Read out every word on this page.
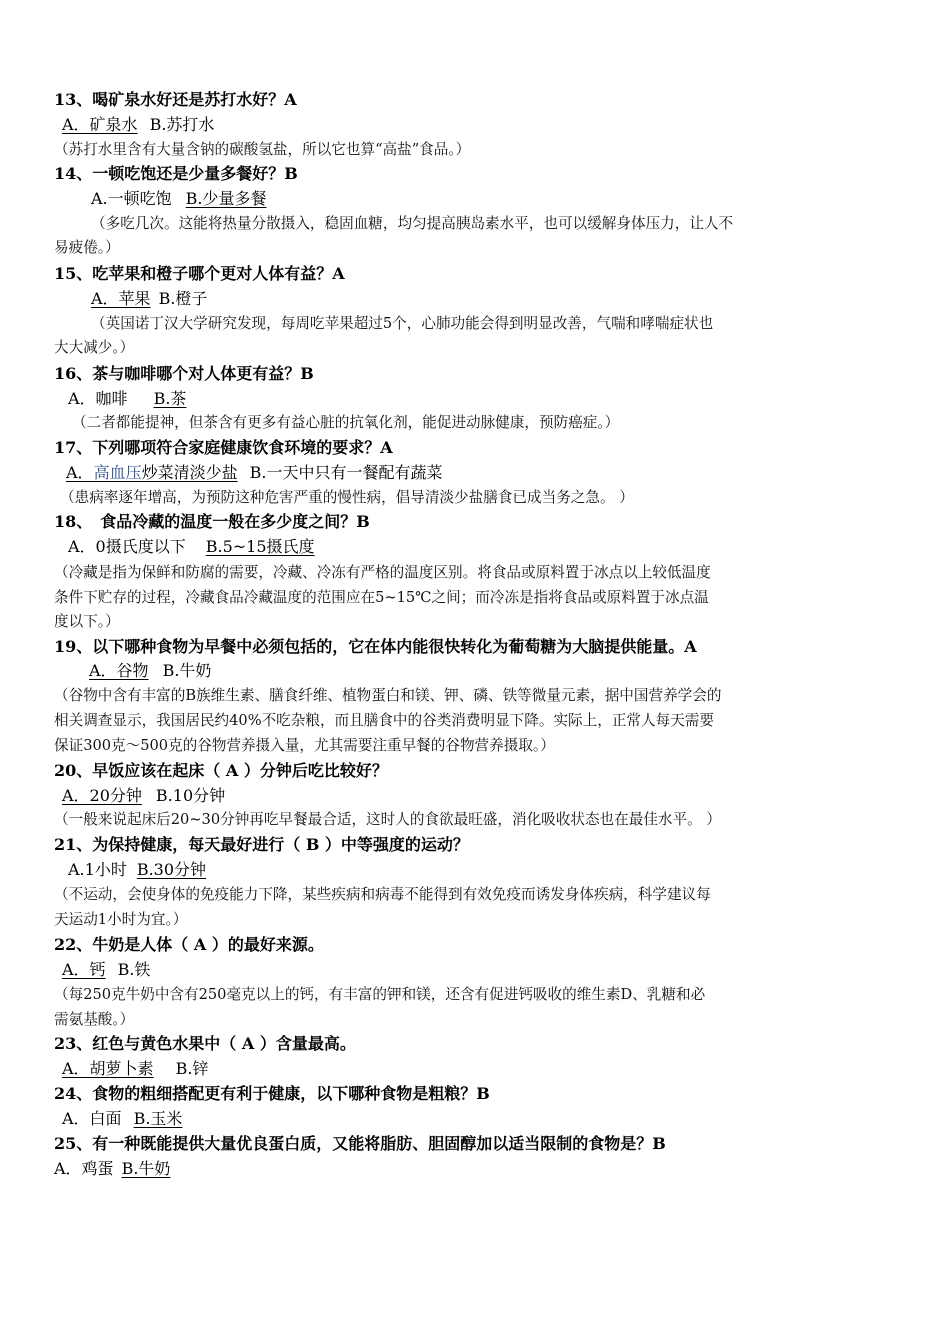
13、喝矿泉水好还是苏打水好？A
A．矿泉水 B.苏打水
（苏打水里含有大量含钠的碳酸氢盐，所以它也算“高盐”食品。）
14、一顿吃饱还是少量多餐好？B
A.一顿吃饱 B.少量多餐
（多吃几次。这能将热量分散摄入，稳固血糖，均匀提高胰岛素水平，也可以缓解身体压力，让人不
易疲倦。）
15、吃苹果和橙子哪个更对人体有益？A
A．苹果 B.橙子
（英国诺丁汉大学研究发现，每周吃苹果超过5个，心肺功能会得到明显改善，气喘和哮喘症状也
大大减少。）
16、茶与咖啡哪个对人体更有益？B
A．咖啡 B.茶
（二者都能提神，但茶含有更多有益心脏的抗氧化剂，能促进动脉健康，预防癌症。）
17、下列哪项符合家庭健康饮食环境的要求？A
A．高血压炒菜清淡少盐 B.一天中只有一餐配有蔬菜
（患病率逐年增高，为预防这种危害严重的慢性病，倡导清淡少盐膳食已成当务之急。 ）
18、　食品冷藏的温度一般在多少度之间？B
A．0摄氏度以下 B.5~15摄氏度
（冷藏是指为保鲜和防腐的需要，冷藏、冷冻有严格的温度区别。将食品或原料置于冰点以上较低温度
条件下贮存的过程，冷藏食品冷藏温度的范围应在5~15℃之间；而冷冻是指将食品或原料置于冰点温
度以下。）
19、以下哪种食物为早餐中必须包括的，它在体内能很快转化为葡萄糖为大脑提供能量。A
A．谷物 B.牛奶
（谷物中含有丰富的B族维生素、膳食纤维、植物蛋白和镁、钾、磷、铁等微量元素，据中国营养学会的
相关调查显示，我国居民约40%不吃杂粮，而且膳食中的谷类消费明显下降。实际上，正常人每天需要
保证300克～500克的谷物营养摄入量，尤其需要注重早餐的谷物营养摄取。）
20、早饭应该在起床（ A ）分钟后吃比较好？
A．20分钟 B.10分钟
（一般来说起床后20~30分钟再吃早餐最合适，这时人的食欲最旺盛，消化吸收状态也在最佳水平。 ）
21、为保持健康，每天最好进行（ B ）中等强度的运动？
A.1小时 B.30分钟
（不运动，会使身体的免疫能力下降，某些疾病和病毒不能得到有效免疫而诱发身体疾病，科学建议每
天运动1小时为宜。）
22、牛奶是人体（ A ）的最好来源。
A．钙 B.铁
（每250克牛奶中含有250毫克以上的钙，有丰富的钾和镁，还含有促进钙吸收的维生素D、乳糖和必
需氨基酸。）
23、红色与黄色水果中（ A ）含量最高。
A．胡萝卜素 B.锌
24、食物的粗细搭配更有利于健康，以下哪种食物是粗粮？B
A．白面 B.玉米
25、有一种既能提供大量优良蛋白质，又能将脂肪、胆固醇加以适当限制的食物是？B
A．鸡蛋 B.牛奶
